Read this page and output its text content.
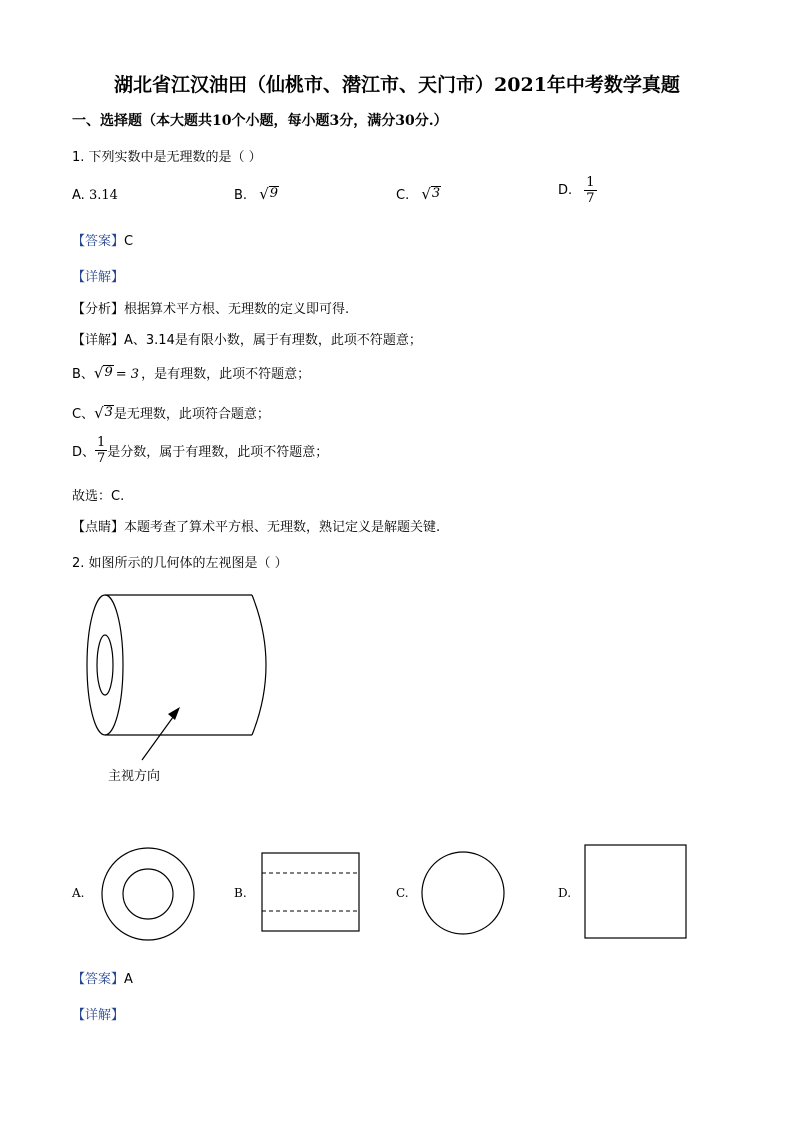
湖北省江汉油田（仙桃市、潜江市、天门市）2021年中考数学真题
一、选择题（本大题共10个小题，每小题3分，满分30分.）
1. 下列实数中是无理数的是（ ）
A. 3.14	B. √ 9	C. √ 3	D. $\frac{1}{7}$
【答案】C
【详解】
【分析】根据算术平方根、无理数的定义即可得.
【详解】A、3.14是有限小数，属于有理数，此项不符题意；
B、 √ 9 = 3 ，是有理数，此项不符题意；
C、 √ 3 是无理数，此项符合题意；
D、 $\frac{1}{7}$ 是分数，属于有理数，此项不符题意；
故选：C.
【点睛】本题考查了算术平方根、无理数，熟记定义是解题关键.
2. 如图所示的几何体的左视图是（ ）
主视方向
A.	B.	C.	D.
【答案】A
【详解】
